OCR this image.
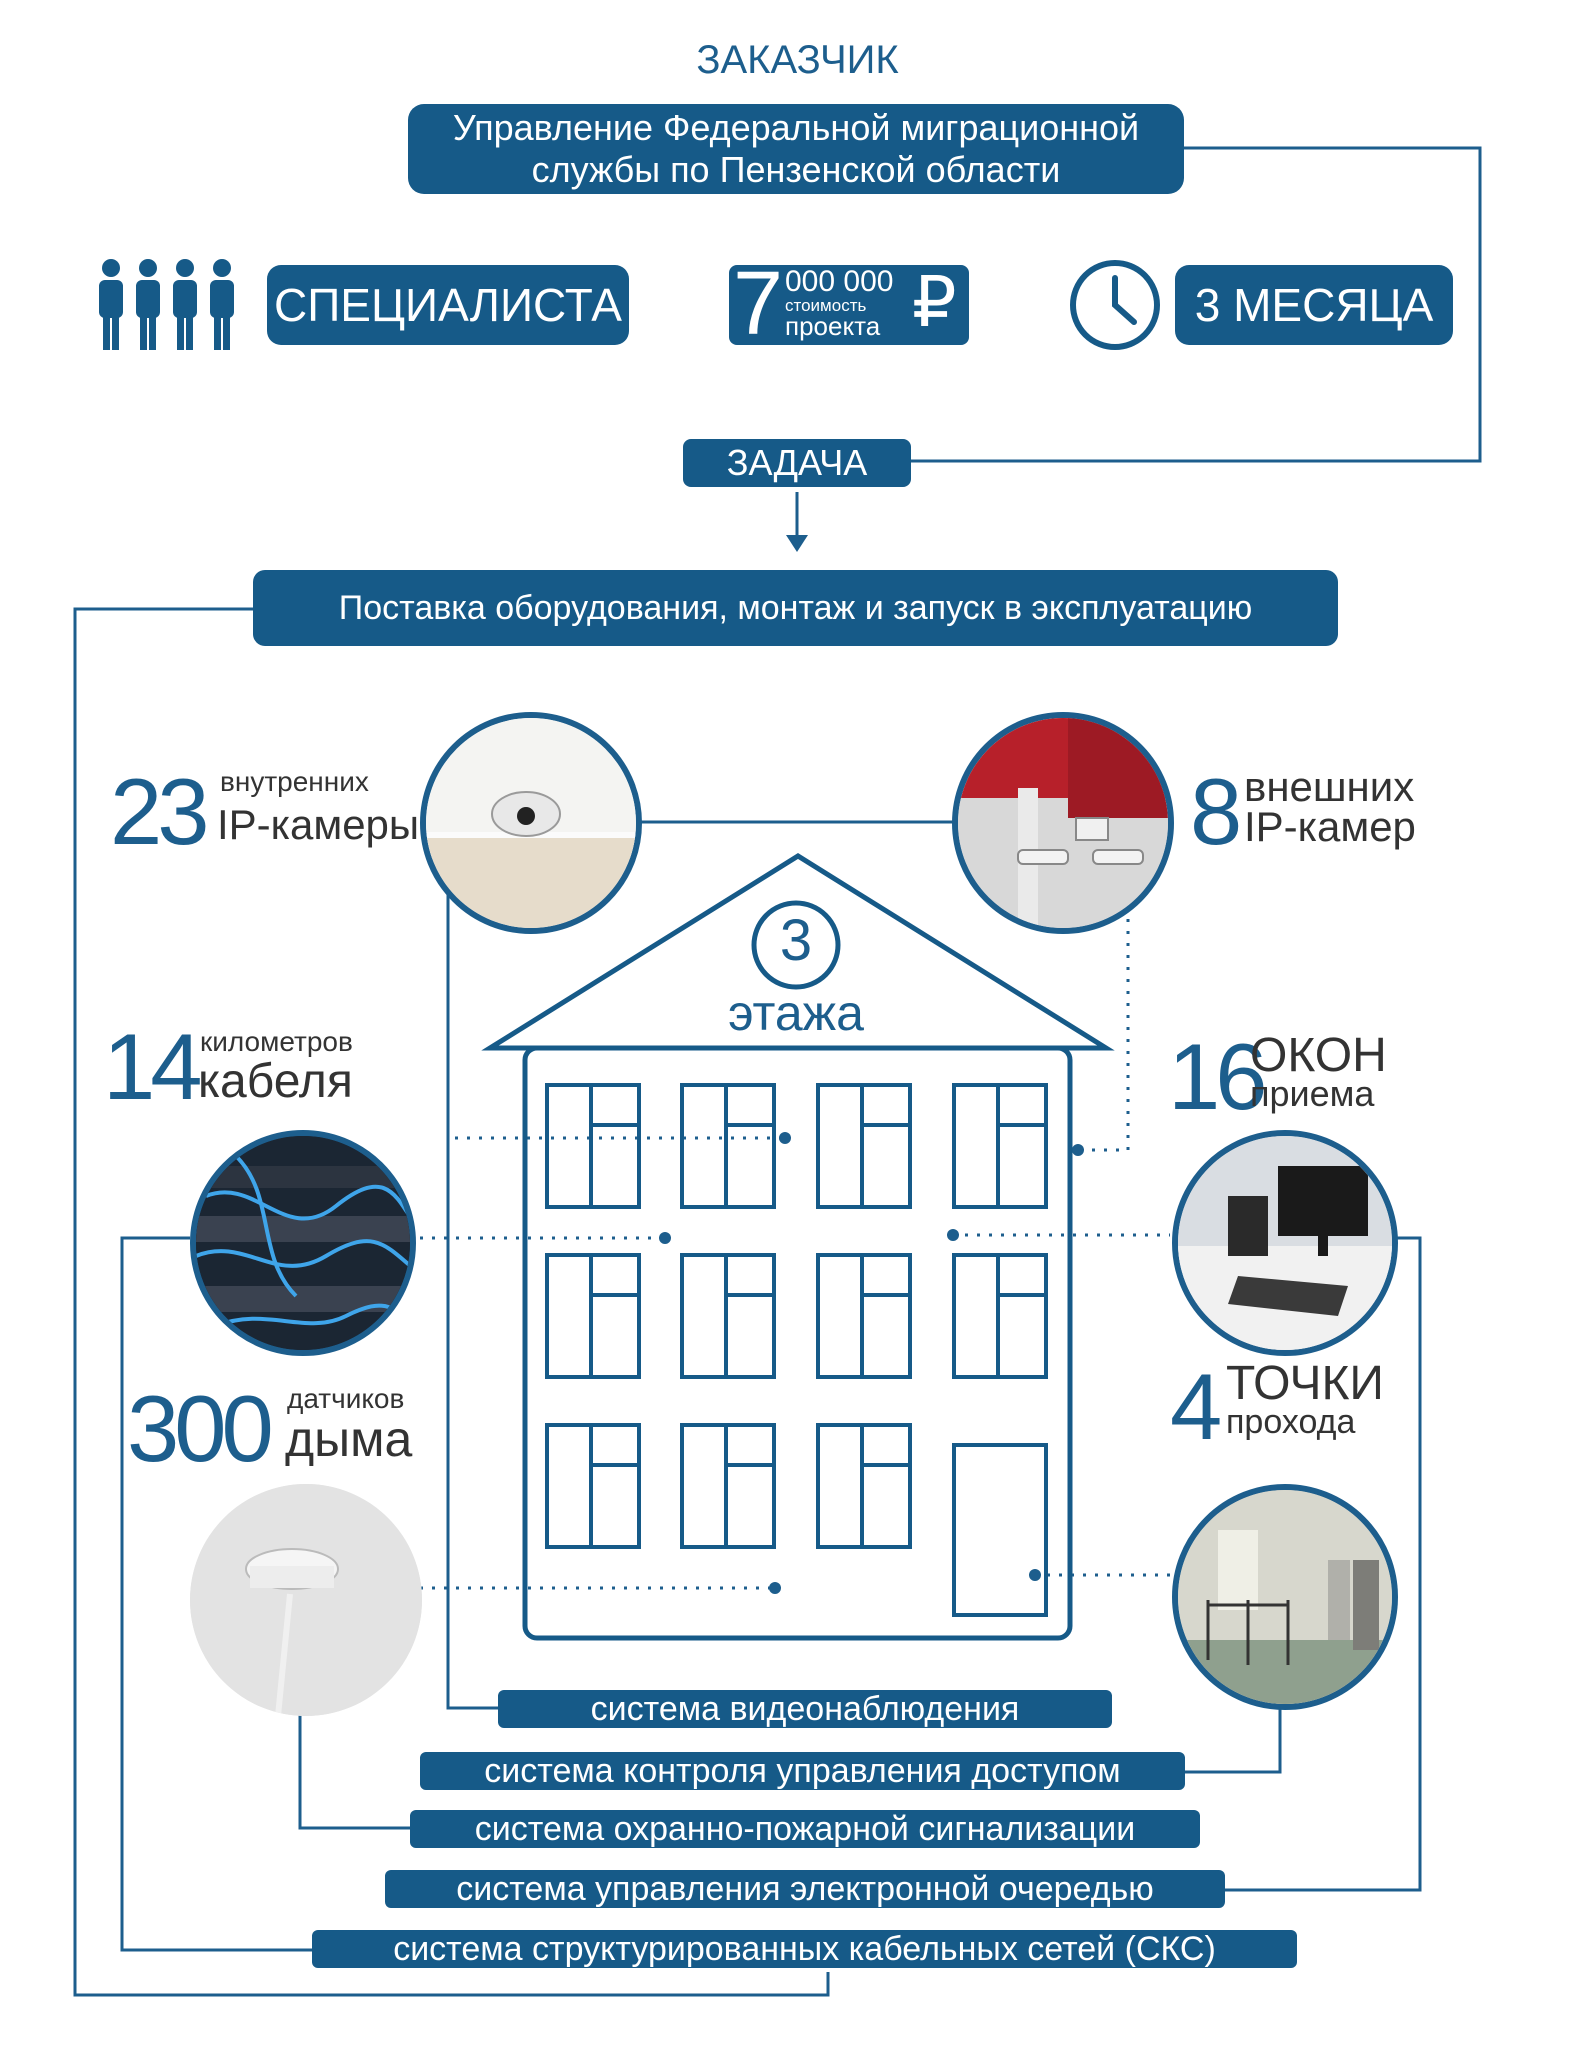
ЗАКАЗЧИК
Управление Федеральной миграционной
службы по Пензенской области
СПЕЦИАЛИСТА 7 000 000
стоимость
проекта ₽	3 МЕСЯЦА
ЗАДАЧА
Поставка оборудования, монтаж и запуск в эксплуатацию
3
этажа
23 внутренних
IP-камеры	8 внешних
IP-камер
14 километров
кабеля	16
ОКОН
приема
300 датчиков
дыма	4 ТОЧКИ
прохода
система видеонаблюдения
система контроля управления доступом
система охранно-пожарной сигнализации
система управления электронной очередью
система структурированных кабельных сетей (СКС)
